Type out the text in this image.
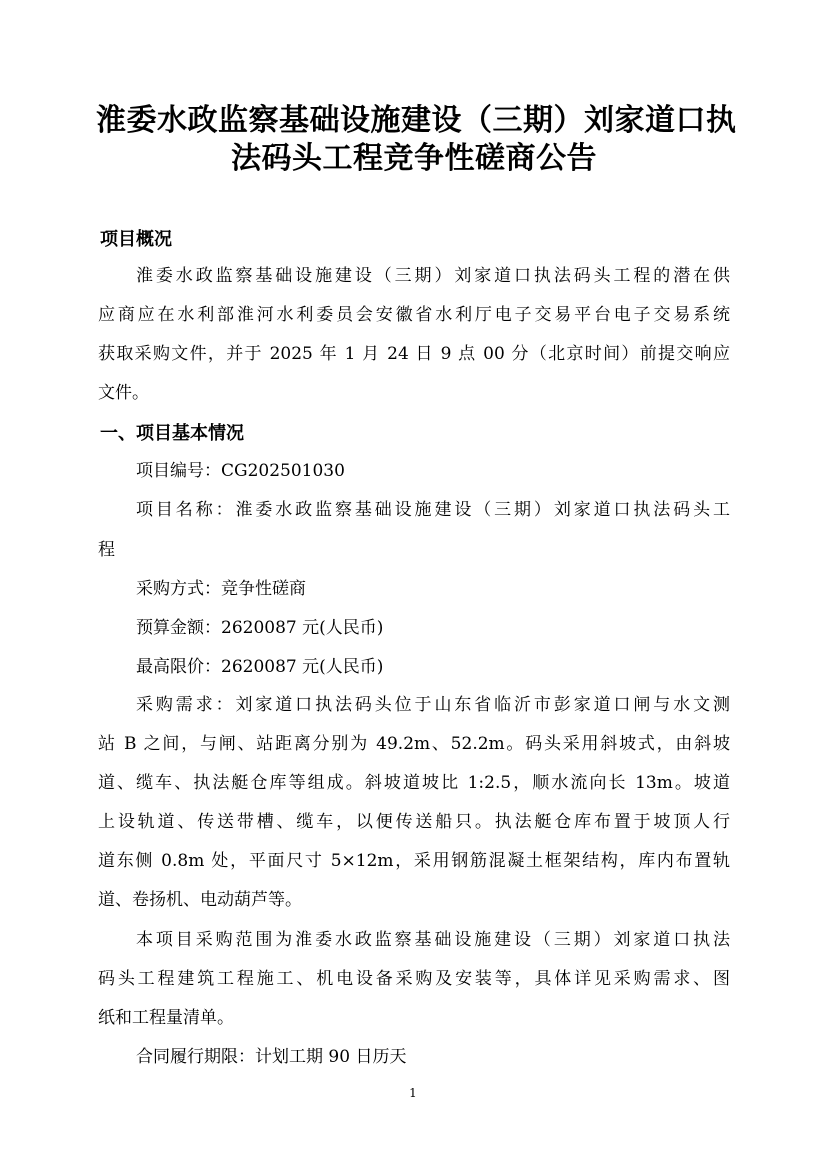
淮委水政监察基础设施建设（三期）刘家道口执
法码头工程竞争性磋商公告
项目概况
淮委水政监察基础设施建设（三期）刘家道口执法码头工程的潜在供
应商应在水利部淮河水利委员会安徽省水利厅电子交易平台电子交易系统
获取采购文件，并于 2025 年 1 月 24 日 9 点 00 分（北京时间）前提交响应
文件。
一、项目基本情况
项目编号：CG202501030
项目名称：淮委水政监察基础设施建设（三期）刘家道口执法码头工
程
采购方式：竞争性磋商
预算金额：2620087 元(人民币)
最高限价：2620087 元(人民币)
采购需求：刘家道口执法码头位于山东省临沂市彭家道口闸与水文测
站 B 之间，与闸、站距离分别为 49.2m、52.2m。码头采用斜坡式，由斜坡
道、缆车、执法艇仓库等组成。斜坡道坡比 1:2.5，顺水流向长 13m。坡道
上设轨道、传送带槽、缆车，以便传送船只。执法艇仓库布置于坡顶人行
道东侧 0.8m 处，平面尺寸 5×12m，采用钢筋混凝土框架结构，库内布置轨
道、卷扬机、电动葫芦等。
本项目采购范围为淮委水政监察基础设施建设（三期）刘家道口执法
码头工程建筑工程施工、机电设备采购及安装等，具体详见采购需求、图
纸和工程量清单。
合同履行期限：计划工期 90 日历天
1
